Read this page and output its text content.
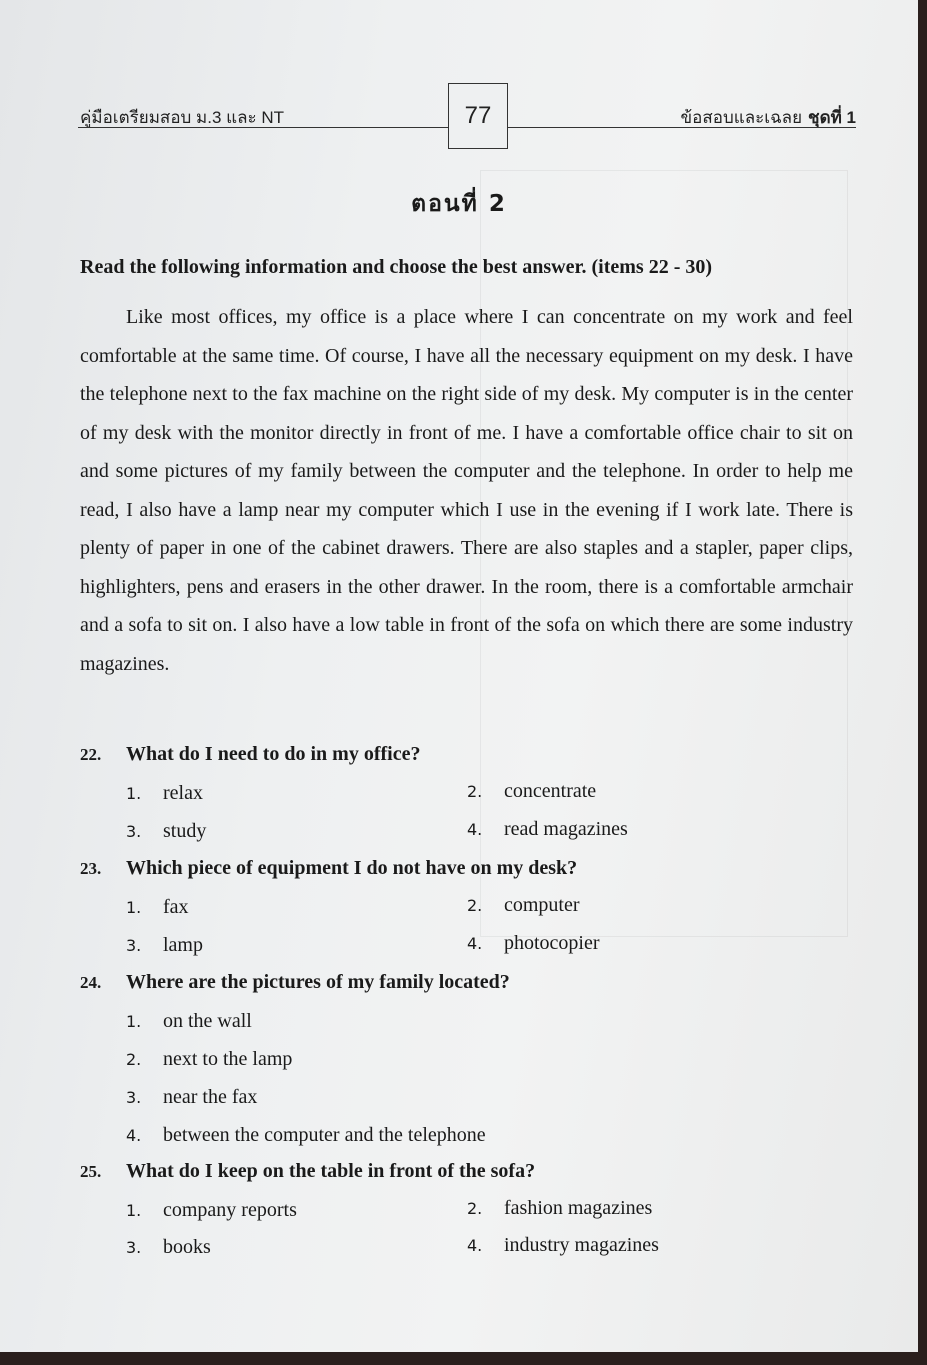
คู่มือเตรียมสอบ ม.3 และ NT	ข้อสอบและเฉลย ชุดที่ 1
77
ตอนที่ 2
Read the following information and choose the best answer. (items 22 - 30)

Like most offices, my office is a place where I can concentrate on my work and feel comfortable at the same time. Of course, I have all the necessary equipment on my desk. I have the telephone next to the fax machine on the right side of my desk. My computer is in the center of my desk with the monitor directly in front of me. I have a comfortable office chair to sit on and some pictures of my family between the computer and the telephone. In order to help me read, I also have a lamp near my computer which I use in the evening if I work late. There is plenty of paper in one of the cabinet drawers. There are also staples and a stapler, paper clips, highlighters, pens and erasers in the other drawer. In the room, there is a comfortable armchair and a sofa to sit on. I also have a low table in front of the sofa on which there are some industry magazines.

22. What do I need to do in my office?
1. relax	2. concentrate
3. study	4. read magazines
23. Which piece of equipment I do not have on my desk?
1. fax	2. computer
3. lamp	4. photocopier
24. Where are the pictures of my family located?
1. on the wall
2. next to the lamp
3. near the fax
4. between the computer and the telephone
25. What do I keep on the table in front of the sofa?
1. company reports	2. fashion magazines
3. books	4. industry magazines
